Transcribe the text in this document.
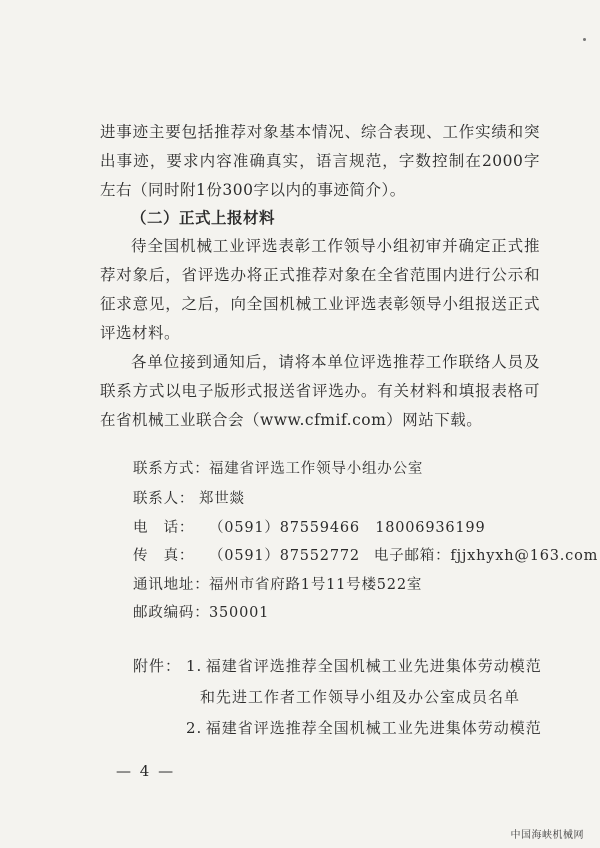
进事迹主要包括推荐对象基本情况、综合表现、工作实绩和突出事迹，要求内容准确真实，语言规范，字数控制在2000字左右（同时附1份300字以内的事迹简介）。

（二）正式上报材料

待全国机械工业评选表彰工作领导小组初审并确定正式推荐对象后，省评选办将正式推荐对象在全省范围内进行公示和征求意见，之后，向全国机械工业评选表彰领导小组报送正式评选材料。

各单位接到通知后，请将本单位评选推荐工作联络人员及联系方式以电子版形式报送省评选办。有关材料和填报表格可在省机械工业联合会（www.cfmif.com）网站下载。

联系方式：福建省评选工作领导小组办公室
联系人： 郑世燚
电　话： （0591）87559466　18006936199
传　真： （0591）87552772 电子邮箱：fjjxhyxh@163.com
通讯地址：福州市省府路1号11号楼522室
邮政编码：350001
附件： 1. 福建省评选推荐全国机械工业先进集体劳动模范
和先进工作者工作领导小组及办公室成员名单
2. 福建省评选推荐全国机械工业先进集体劳动模范
— 4 —
中国海峡机械网
